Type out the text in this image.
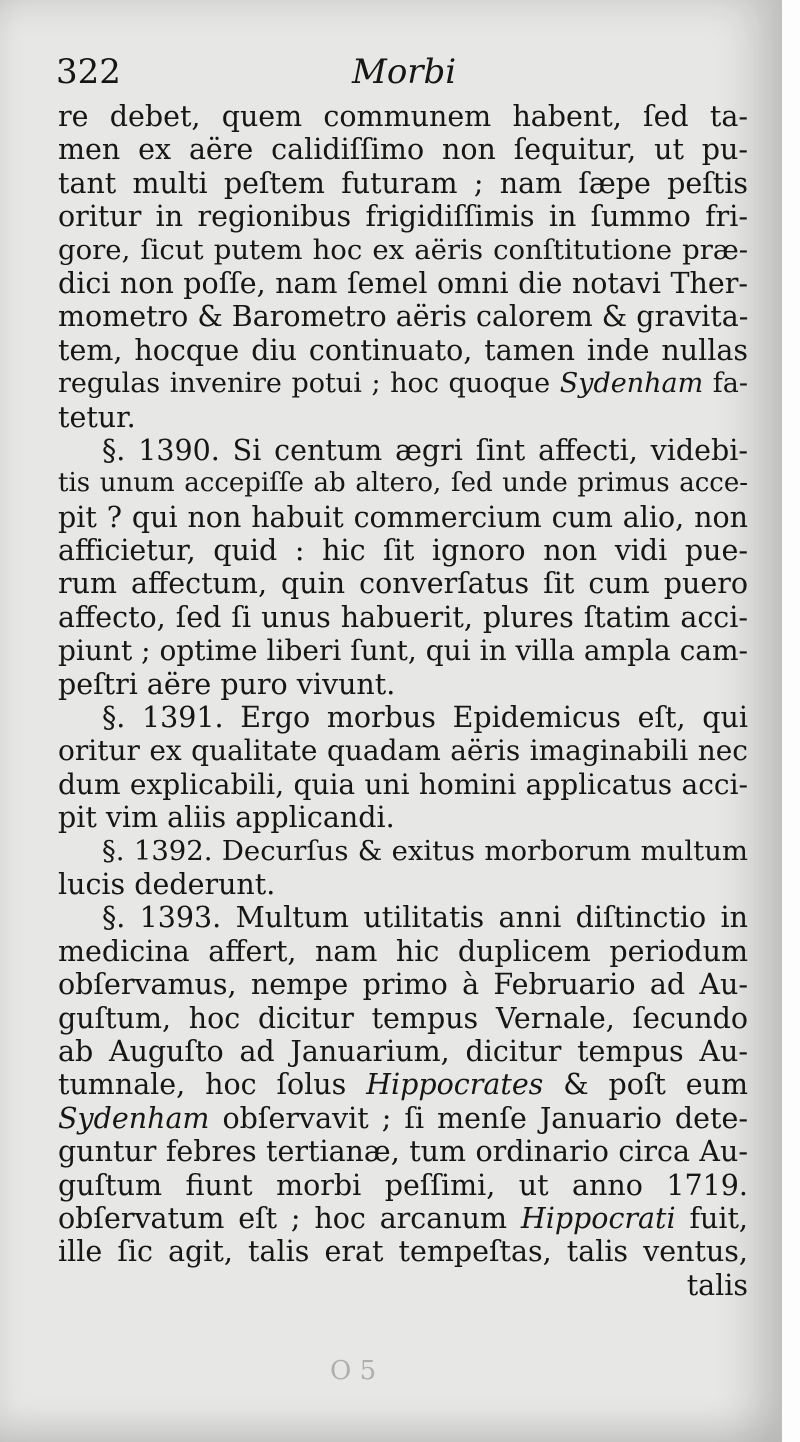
322	Morbi
re debet, quem communem habent, ſed ta-
men ex aëre calidiſſimo non ſequitur, ut pu-
tant multi peſtem futuram ; nam ſæpe peſtis
oritur in regionibus frigidiſſimis in ſummo fri-
gore, ſicut putem hoc ex aëris conſtitutione præ-
dici non poſſe, nam ſemel omni die notavi Ther-
mometro & Barometro aëris calorem & gravita-
tem, hocque diu continuato, tamen inde nullas
regulas invenire potui ; hoc quoque Sydenham fa-
tetur.
§. 1390. Si centum ægri ſint affecti, videbi-
tis unum accepiſſe ab altero, ſed unde primus acce-
pit ? qui non habuit commercium cum alio, non
afficietur, quid : hic ſit ignoro non vidi pue-
rum affectum, quin converſatus ſit cum puero
affecto, ſed ſi unus habuerit, plures ſtatim acci-
piunt ; optime liberi ſunt, qui in villa ampla cam-
peſtri aëre puro vivunt.
§. 1391. Ergo morbus Epidemicus eſt, qui
oritur ex qualitate quadam aëris imaginabili nec
dum explicabili, quia uni homini applicatus acci-
pit vim aliis applicandi.
§. 1392. Decurſus & exitus morborum multum
lucis dederunt.
§. 1393. Multum utilitatis anni diſtinctio in
medicina affert, nam hic duplicem periodum
obſervamus, nempe primo à Februario ad Au-
guſtum, hoc dicitur tempus Vernale, ſecundo
ab Auguſto ad Januarium, dicitur tempus Au-
tumnale, hoc ſolus Hippocrates & poſt eum
Sydenham obſervavit ; ſi menſe Januario dete-
guntur febres tertianæ, tum ordinario circa Au-
guſtum fiunt morbi peſſimi, ut anno 1719.
obſervatum eſt ; hoc arcanum Hippocrati fuit,
ille ſic agit, talis erat tempeſtas, talis ventus,
talis
O 5
